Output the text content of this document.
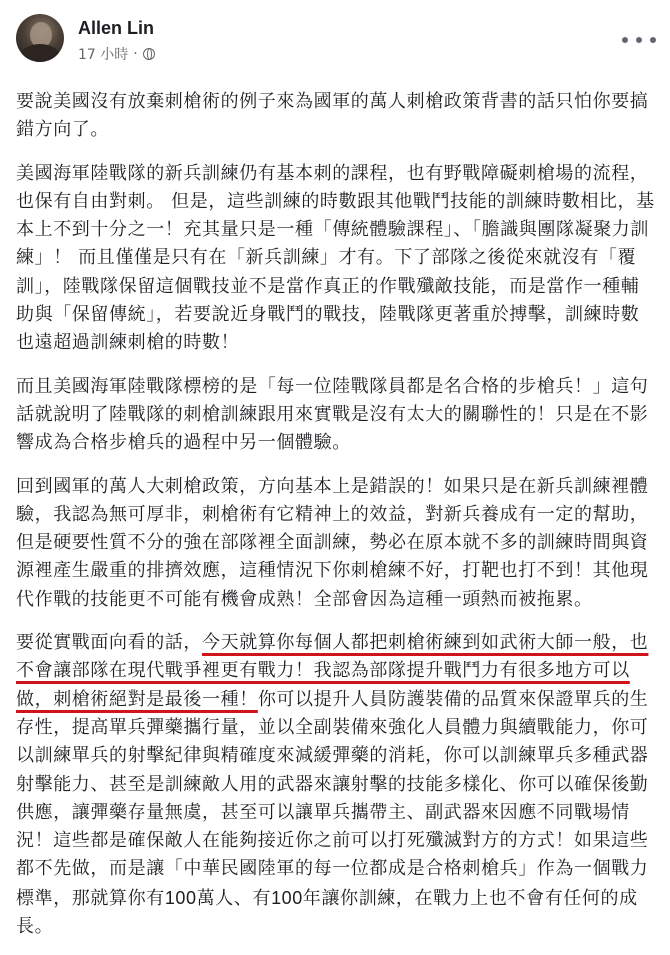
Allen Lin
17 小時 ·

要說美國沒有放棄刺槍術的例子來為國軍的萬人刺槍政策背書的話只怕你要搞錯方向了。

美國海軍陸戰隊的新兵訓練仍有基本刺的課程，也有野戰障礙刺槍場的流程，也保有自由對刺。 但是，這些訓練的時數跟其他戰鬥技能的訓練時數相比，基本上不到十分之一！充其量只是一種「傳統體驗課程」、「膽識與團隊凝聚力訓練」！ 而且僅僅是只有在「新兵訓練」才有。下了部隊之後從來就沒有「覆訓」，陸戰隊保留這個戰技並不是當作真正的作戰殲敵技能，而是當作一種輔助與「保留傳統」，若要說近身戰鬥的戰技，陸戰隊更著重於搏擊，訓練時數也遠超過訓練刺槍的時數！

而且美國海軍陸戰隊標榜的是「每一位陸戰隊員都是名合格的步槍兵！」這句話就說明了陸戰隊的刺槍訓練跟用來實戰是沒有太大的關聯性的！只是在不影響成為合格步槍兵的過程中另一個體驗。

回到國軍的萬人大刺槍政策，方向基本上是錯誤的！如果只是在新兵訓練裡體驗，我認為無可厚非，刺槍術有它精神上的效益，對新兵養成有一定的幫助，但是硬要性質不分的強在部隊裡全面訓練，勢必在原本就不多的訓練時間與資源裡產生嚴重的排擠效應，這種情況下你刺槍練不好，打靶也打不到！其他現代作戰的技能更不可能有機會成熟！全部會因為這種一頭熱而被拖累。

要從實戰面向看的話，今天就算你每個人都把刺槍術練到如武術大師一般，也不會讓部隊在現代戰爭裡更有戰力！我認為部隊提升戰鬥力有很多地方可以做，刺槍術絕對是最後一種！你可以提升人員防護裝備的品質來保證單兵的生存性，提高單兵彈藥攜行量，並以全副裝備來強化人員體力與續戰能力，你可以訓練單兵的射擊紀律與精確度來減緩彈藥的消耗，你可以訓練單兵多種武器射擊能力、甚至是訓練敵人用的武器來讓射擊的技能多樣化、你可以確保後勤供應，讓彈藥存量無虞，甚至可以讓單兵攜帶主、副武器來因應不同戰場情況！這些都是確保敵人在能夠接近你之前可以打死殲滅對方的方式！如果這些都不先做，而是讓「中華民國陸軍的每一位都成是合格刺槍兵」作為一個戰力標準，那就算你有100萬人、有100年讓你訓練，在戰力上也不會有任何的成長。
